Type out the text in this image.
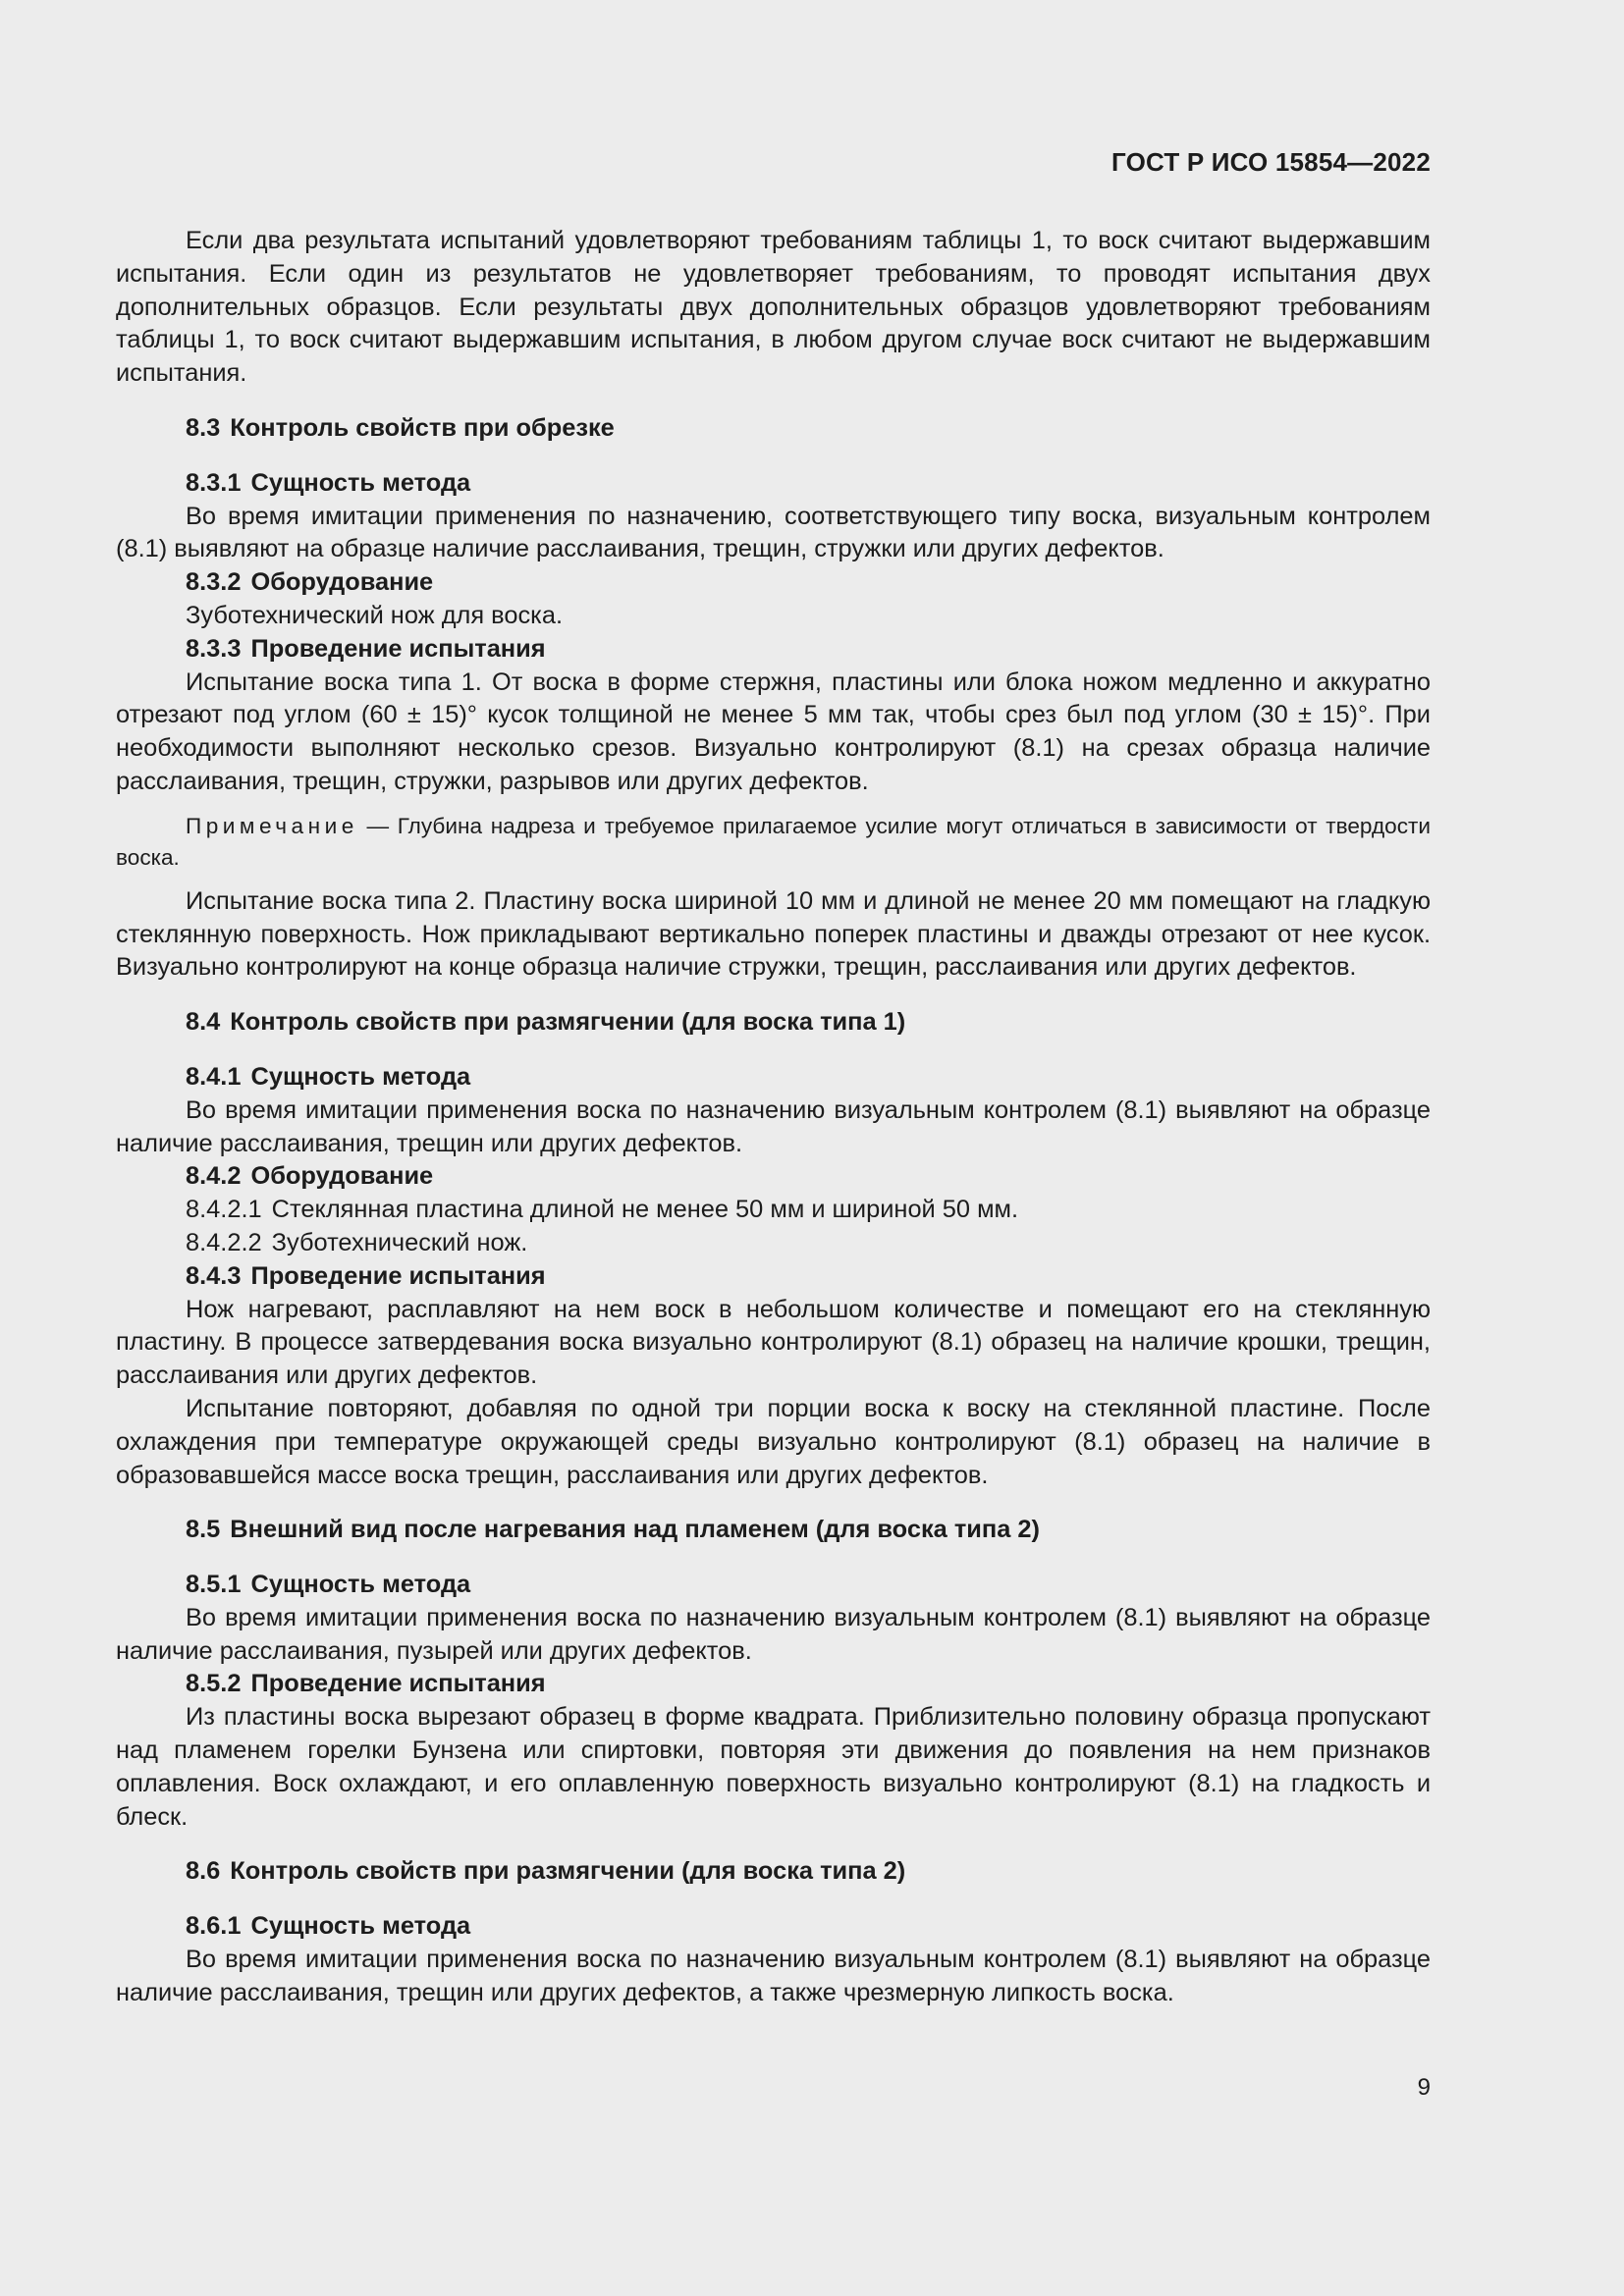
ГОСТ Р ИСО 15854—2022

Если два результата испытаний удовлетворяют требованиям таблицы 1, то воск считают выдержавшим испытания. Если один из результатов не удовлетворяет требованиям, то проводят испытания двух дополнительных образцов. Если результаты двух дополнительных образцов удовлетворяют требованиям таблицы 1, то воск считают выдержавшим испытания, в любом другом случае воск считают не выдержавшим испытания.

8.3 Контроль свойств при обрезке

8.3.1 Сущность метода

Во время имитации применения по назначению, соответствующего типу воска, визуальным контролем (8.1) выявляют на образце наличие расслаивания, трещин, стружки или других дефектов.

8.3.2 Оборудование

Зуботехнический нож для воска.

8.3.3 Проведение испытания

Испытание воска типа 1. От воска в форме стержня, пластины или блока ножом медленно и аккуратно отрезают под углом (60 ± 15)° кусок толщиной не менее 5 мм так, чтобы срез был под углом (30 ± 15)°. При необходимости выполняют несколько срезов. Визуально контролируют (8.1) на срезах образца наличие расслаивания, трещин, стружки, разрывов или других дефектов.

Примечание — Глубина надреза и требуемое прилагаемое усилие могут отличаться в зависимости от твердости воска.

Испытание воска типа 2. Пластину воска шириной 10 мм и длиной не менее 20 мм помещают на гладкую стеклянную поверхность. Нож прикладывают вертикально поперек пластины и дважды отрезают от нее кусок. Визуально контролируют на конце образца наличие стружки, трещин, расслаивания или других дефектов.

8.4 Контроль свойств при размягчении (для воска типа 1)

8.4.1 Сущность метода

Во время имитации применения воска по назначению визуальным контролем (8.1) выявляют на образце наличие расслаивания, трещин или других дефектов.

8.4.2 Оборудование

8.4.2.1 Стеклянная пластина длиной не менее 50 мм и шириной 50 мм.

8.4.2.2 Зуботехнический нож.

8.4.3 Проведение испытания

Нож нагревают, расплавляют на нем воск в небольшом количестве и помещают его на стеклянную пластину. В процессе затвердевания воска визуально контролируют (8.1) образец на наличие крошки, трещин, расслаивания или других дефектов.

Испытание повторяют, добавляя по одной три порции воска к воску на стеклянной пластине. После охлаждения при температуре окружающей среды визуально контролируют (8.1) образец на наличие в образовавшейся массе воска трещин, расслаивания или других дефектов.

8.5 Внешний вид после нагревания над пламенем (для воска типа 2)

8.5.1 Сущность метода

Во время имитации применения воска по назначению визуальным контролем (8.1) выявляют на образце наличие расслаивания, пузырей или других дефектов.

8.5.2 Проведение испытания

Из пластины воска вырезают образец в форме квадрата. Приблизительно половину образца пропускают над пламенем горелки Бунзена или спиртовки, повторяя эти движения до появления на нем признаков оплавления. Воск охлаждают, и его оплавленную поверхность визуально контролируют (8.1) на гладкость и блеск.

8.6 Контроль свойств при размягчении (для воска типа 2)

8.6.1 Сущность метода

Во время имитации применения воска по назначению визуальным контролем (8.1) выявляют на образце наличие расслаивания, трещин или других дефектов, а также чрезмерную липкость воска.

9
